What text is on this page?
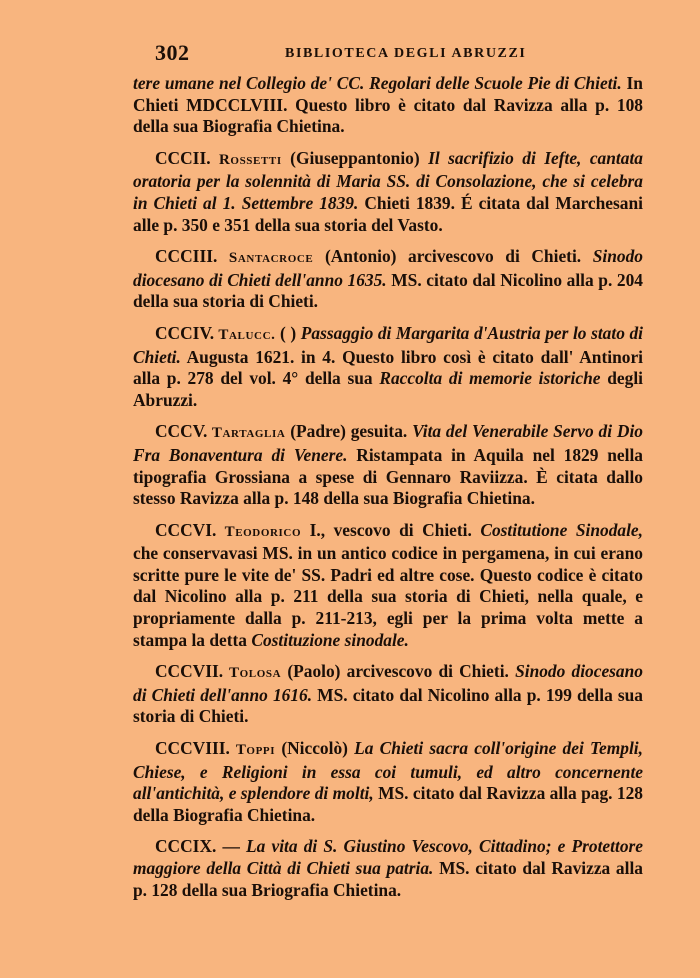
302	BIBLIOTECA DEGLI ABRUZZI

tere umane nel Collegio de' CC. Regolari delle Scuole Pie di Chieti. In Chieti MDCCLVIII. Questo libro è citato dal Ravizza alla p. 108 della sua Biografia Chietina.

CCCII. Rossetti (Giuseppantonio) Il sacrifizio di Iefte, cantata oratoria per la solennità di Maria SS. di Consolazione, che si celebra in Chieti al 1. Settembre 1839. Chieti 1839. É citata dal Marchesani alle p. 350 e 351 della sua storia del Vasto.

CCCIII. Santacroce (Antonio) arcivescovo di Chieti. Sinodo diocesano di Chieti dell'anno 1635. MS. citato dal Nicolino alla p. 204 della sua storia di Chieti.

CCCIV. Talucc. ( ) Passaggio di Margarita d'Austria per lo stato di Chieti. Augusta 1621. in 4. Questo libro così è citato dall' Antinori alla p. 278 del vol. 4° della sua Raccolta di memorie istoriche degli Abruzzi.

CCCV. Tartaglia (Padre) gesuita. Vita del Venerabile Servo di Dio Fra Bonaventura di Venere. Ristampata in Aquila nel 1829 nella tipografia Grossiana a spese di Gennaro Raviizza. È citata dallo stesso Ravizza alla p. 148 della sua Biografia Chietina.

CCCVI. Teodorico I., vescovo di Chieti. Costitutione Sinodale, che conservavasi MS. in un antico codice in pergamena, in cui erano scritte pure le vite de' SS. Padri ed altre cose. Questo codice è citato dal Nicolino alla p. 211 della sua storia di Chieti, nella quale, e propriamente dalla p. 211-213, egli per la prima volta mette a stampa la detta Costituzione sinodale.

CCCVII. Tolosa (Paolo) arcivescovo di Chieti. Sinodo diocesano di Chieti dell'anno 1616. MS. citato dal Nicolino alla p. 199 della sua storia di Chieti.

CCCVIII. Toppi (Niccolò) La Chieti sacra coll'origine dei Templi, Chiese, e Religioni in essa coi tumuli, ed altro concernente all'antichità, e splendore di molti, MS. citato dal Ravizza alla pag. 128 della Biografia Chietina.

CCCIX. — La vita di S. Giustino Vescovo, Cittadino; e Protettore maggiore della Città di Chieti sua patria. MS. citato dal Ravizza alla p. 128 della sua Briografia Chietina.
